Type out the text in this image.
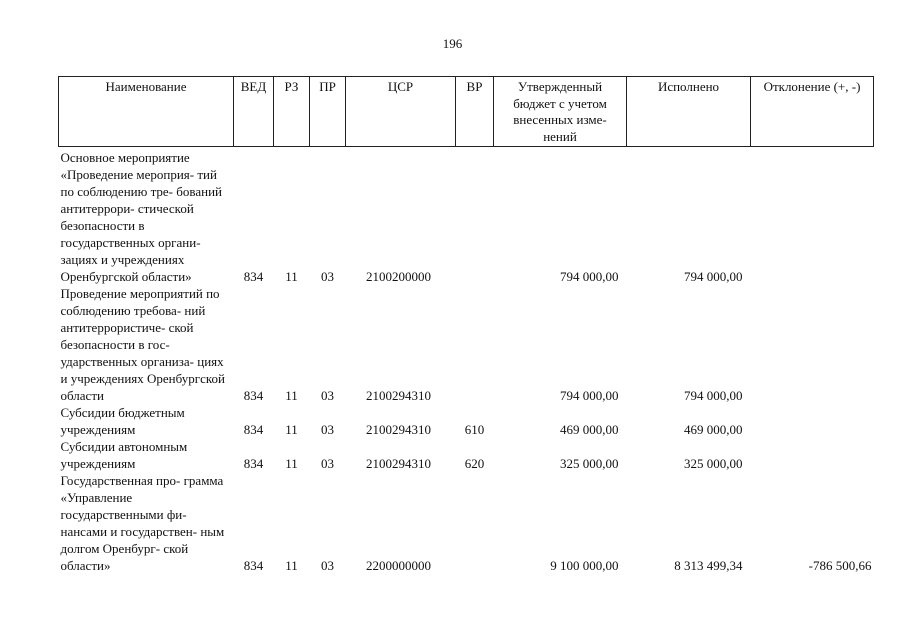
196
Наименование	ВЕД	РЗ	ПР	ЦСР	ВР	Утвержденный бюджет с учетом внесенных изме- нений	Исполнено	Отклонение (+, -)
Основное мероприятие «Проведение мероприя- тий по соблюдению тре- бований антитеррори- стической безопасности в государственных органи- зациях и учреждениях Оренбургской области»	834	11	03	2100200000		794 000,00	794 000,00	
Проведение мероприятий по соблюдению требова- ний антитеррористиче- ской безопасности в гос- ударственных организа- циях и учреждениях Оренбургской области	834	11	03	2100294310		794 000,00	794 000,00	
Субсидии бюджетным учреждениям	834	11	03	2100294310	610	469 000,00	469 000,00	
Субсидии автономным учреждениям	834	11	03	2100294310	620	325 000,00	325 000,00	
Государственная про- грамма «Управление государственными фи- нансами и государствен- ным долгом Оренбург- ской области»	834	11	03	2200000000		9 100 000,00	8 313 499,34	-786 500,66
